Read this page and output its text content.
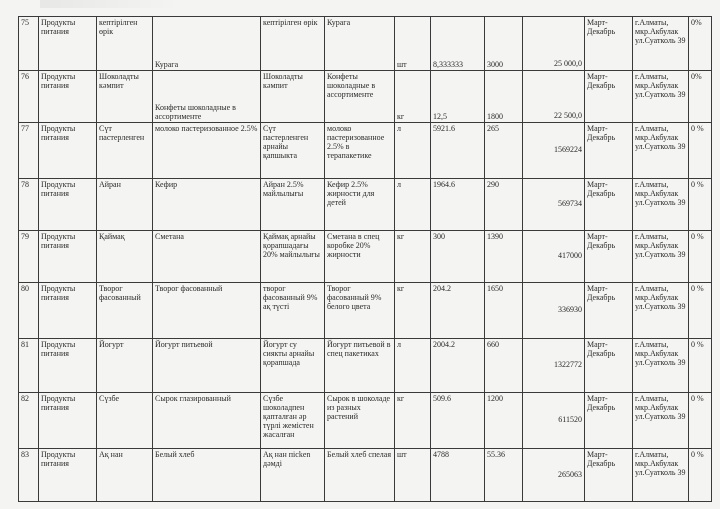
75	Продукты питания	кептірілген өрік	Курага	кептірілген өрік	Курага	шт	8,333333	3000	25 000,0	Март-Декабрь	г.Алматы, мкр.Акбулак ул.Суатколь 39	0%
76	Продукты питания	Шоколадты кәмпит	Конфеты шоколадные в ассортименте	Шоколадты кәмпит	Конфеты шоколадные в ассортименте	кг	12,5	1800	22 500,0	Март-Декабрь	г.Алматы, мкр.Акбулак ул.Суатколь 39	0%
77	Продукты питания	Сүт пастерленген	молоко пастеризованное 2.5%	Сүт пастерленген арнайы қапшыкта	молоко пастеризованное 2.5% в терапакетике	л	5921.6	265	1569224	Март-Декабрь	г.Алматы, мкр.Акбулак ул.Суатколь 39	0 %
78	Продукты питания	Айран	Кефир	Айран 2.5% майлылығы	Кефир 2.5% жирности для детей	л	1964.6	290	569734	Март-Декабрь	г.Алматы, мкр.Акбулак ул.Суатколь 39	0 %
79	Продукты питания	Қаймақ	Сметана	Қаймақ арнайы қорапшадағы 20% майлылығы	Сметана в спец коробке 20% жирности	кг	300	1390	417000	Март-Декабрь	г.Алматы, мкр.Акбулак ул.Суатколь 39	0 %
80	Продукты питания	Творог фасованный	Творог фасованный	творог фасованный 9% ақ түсті	Творог фасованный 9% белого цвета	кг	204.2	1650	336930	Март-Декабрь	г.Алматы, мкр.Акбулак ул.Суатколь 39	0 %
81	Продукты питания	Йогурт	Йогурт питьевой	Йогурт су сиякты арнайы қорапшада	Йогурт питьевой в спец пакетиках	л	2004.2	660	1322772	Март-Декабрь	г.Алматы, мкр.Акбулак ул.Суатколь 39	0 %
82	Продукты питания	Сүзбе	Сырок глазированный	Сүзбе шоколадпен қапталған әр түрлі жемістен жасалған	Сырок в шоколаде из разных растений	кг	509.6	1200	611520	Март-Декабрь	г.Алматы, мкр.Акбулак ул.Суатколь 39	0 %
83	Продукты питания	Ақ нан	Белый хлеб	Ақ нан пісken дәмді	Белый хлеб спелая	шт	4788	55.36	265063	Март-Декабрь	г.Алматы, мкр.Акбулак ул.Суатколь 39	0 %
